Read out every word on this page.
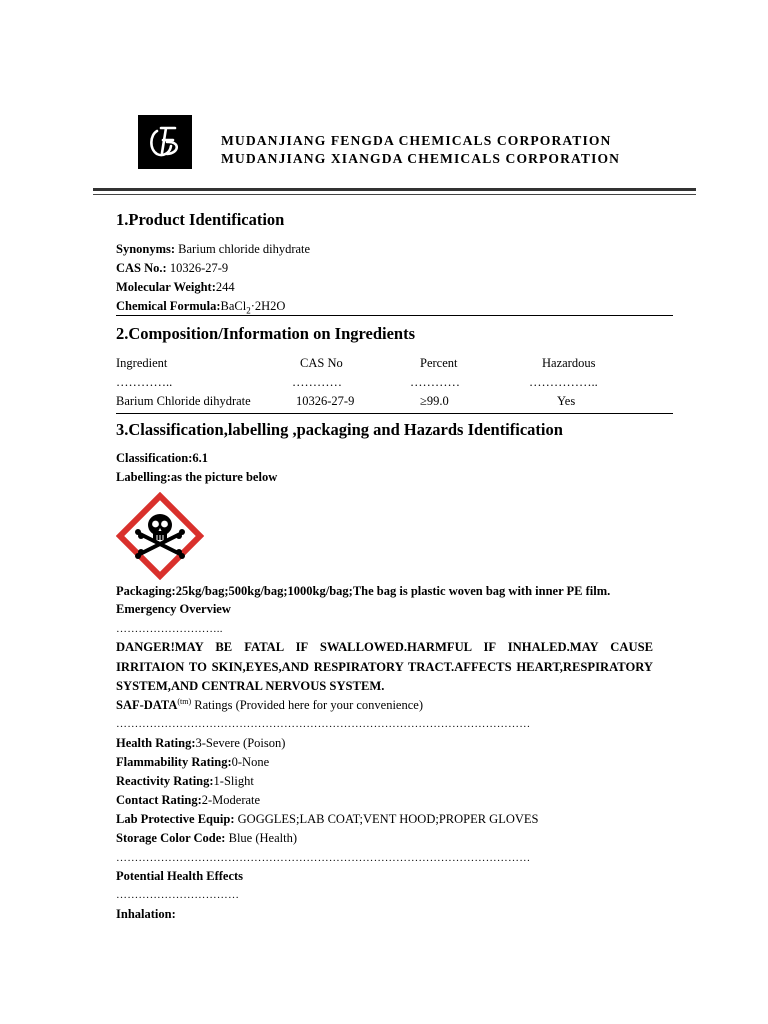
MUDANJIANG FENGDA CHEMICALS CORPORATION
MUDANJIANG XIANGDA CHEMICALS CORPORATION
1.Product Identification
Synonyms: Barium chloride dihydrate
CAS No.: 10326-27-9
Molecular Weight:244
Chemical Formula:BaCl$_2$·2H2O
2.Composition/Information on Ingredients
Ingredient	CAS No	Percent	Hazardous
…………..	…………	…………	……………..
Barium Chloride dihydrate	10326-27-9	≥99.0	Yes
3.Classification,labelling ,packaging and Hazards Identification
Classification:6.1
Labelling:as the picture below
Packaging:25kg/bag;500kg/bag;1000kg/bag;The bag is plastic woven bag with inner PE film.
Emergency Overview
………………………..
DANGER!MAY BE FATAL IF SWALLOWED.HARMFUL IF INHALED.MAY CAUSE IRRITAION TO SKIN,EYES,AND RESPIRATORY TRACT.AFFECTS HEART,RESPIRATORY SYSTEM,AND CENTRAL NERVOUS SYSTEM.
SAF-$DATA^{(tm)}$ Ratings (Provided here for your convenience)
…………………………………………………………………………………………………
Health Rating:3-Severe (Poison)
Flammability Rating:0-None
Reactivity Rating:1-Slight
Contact Rating:2-Moderate
Lab Protective Equip: GOGGLES;LAB COAT;VENT HOOD;PROPER GLOVES
Storage Color Code: Blue (Health)
…………………………………………………………………………………………………
Potential Health Effects
……………………………
Inhalation:
